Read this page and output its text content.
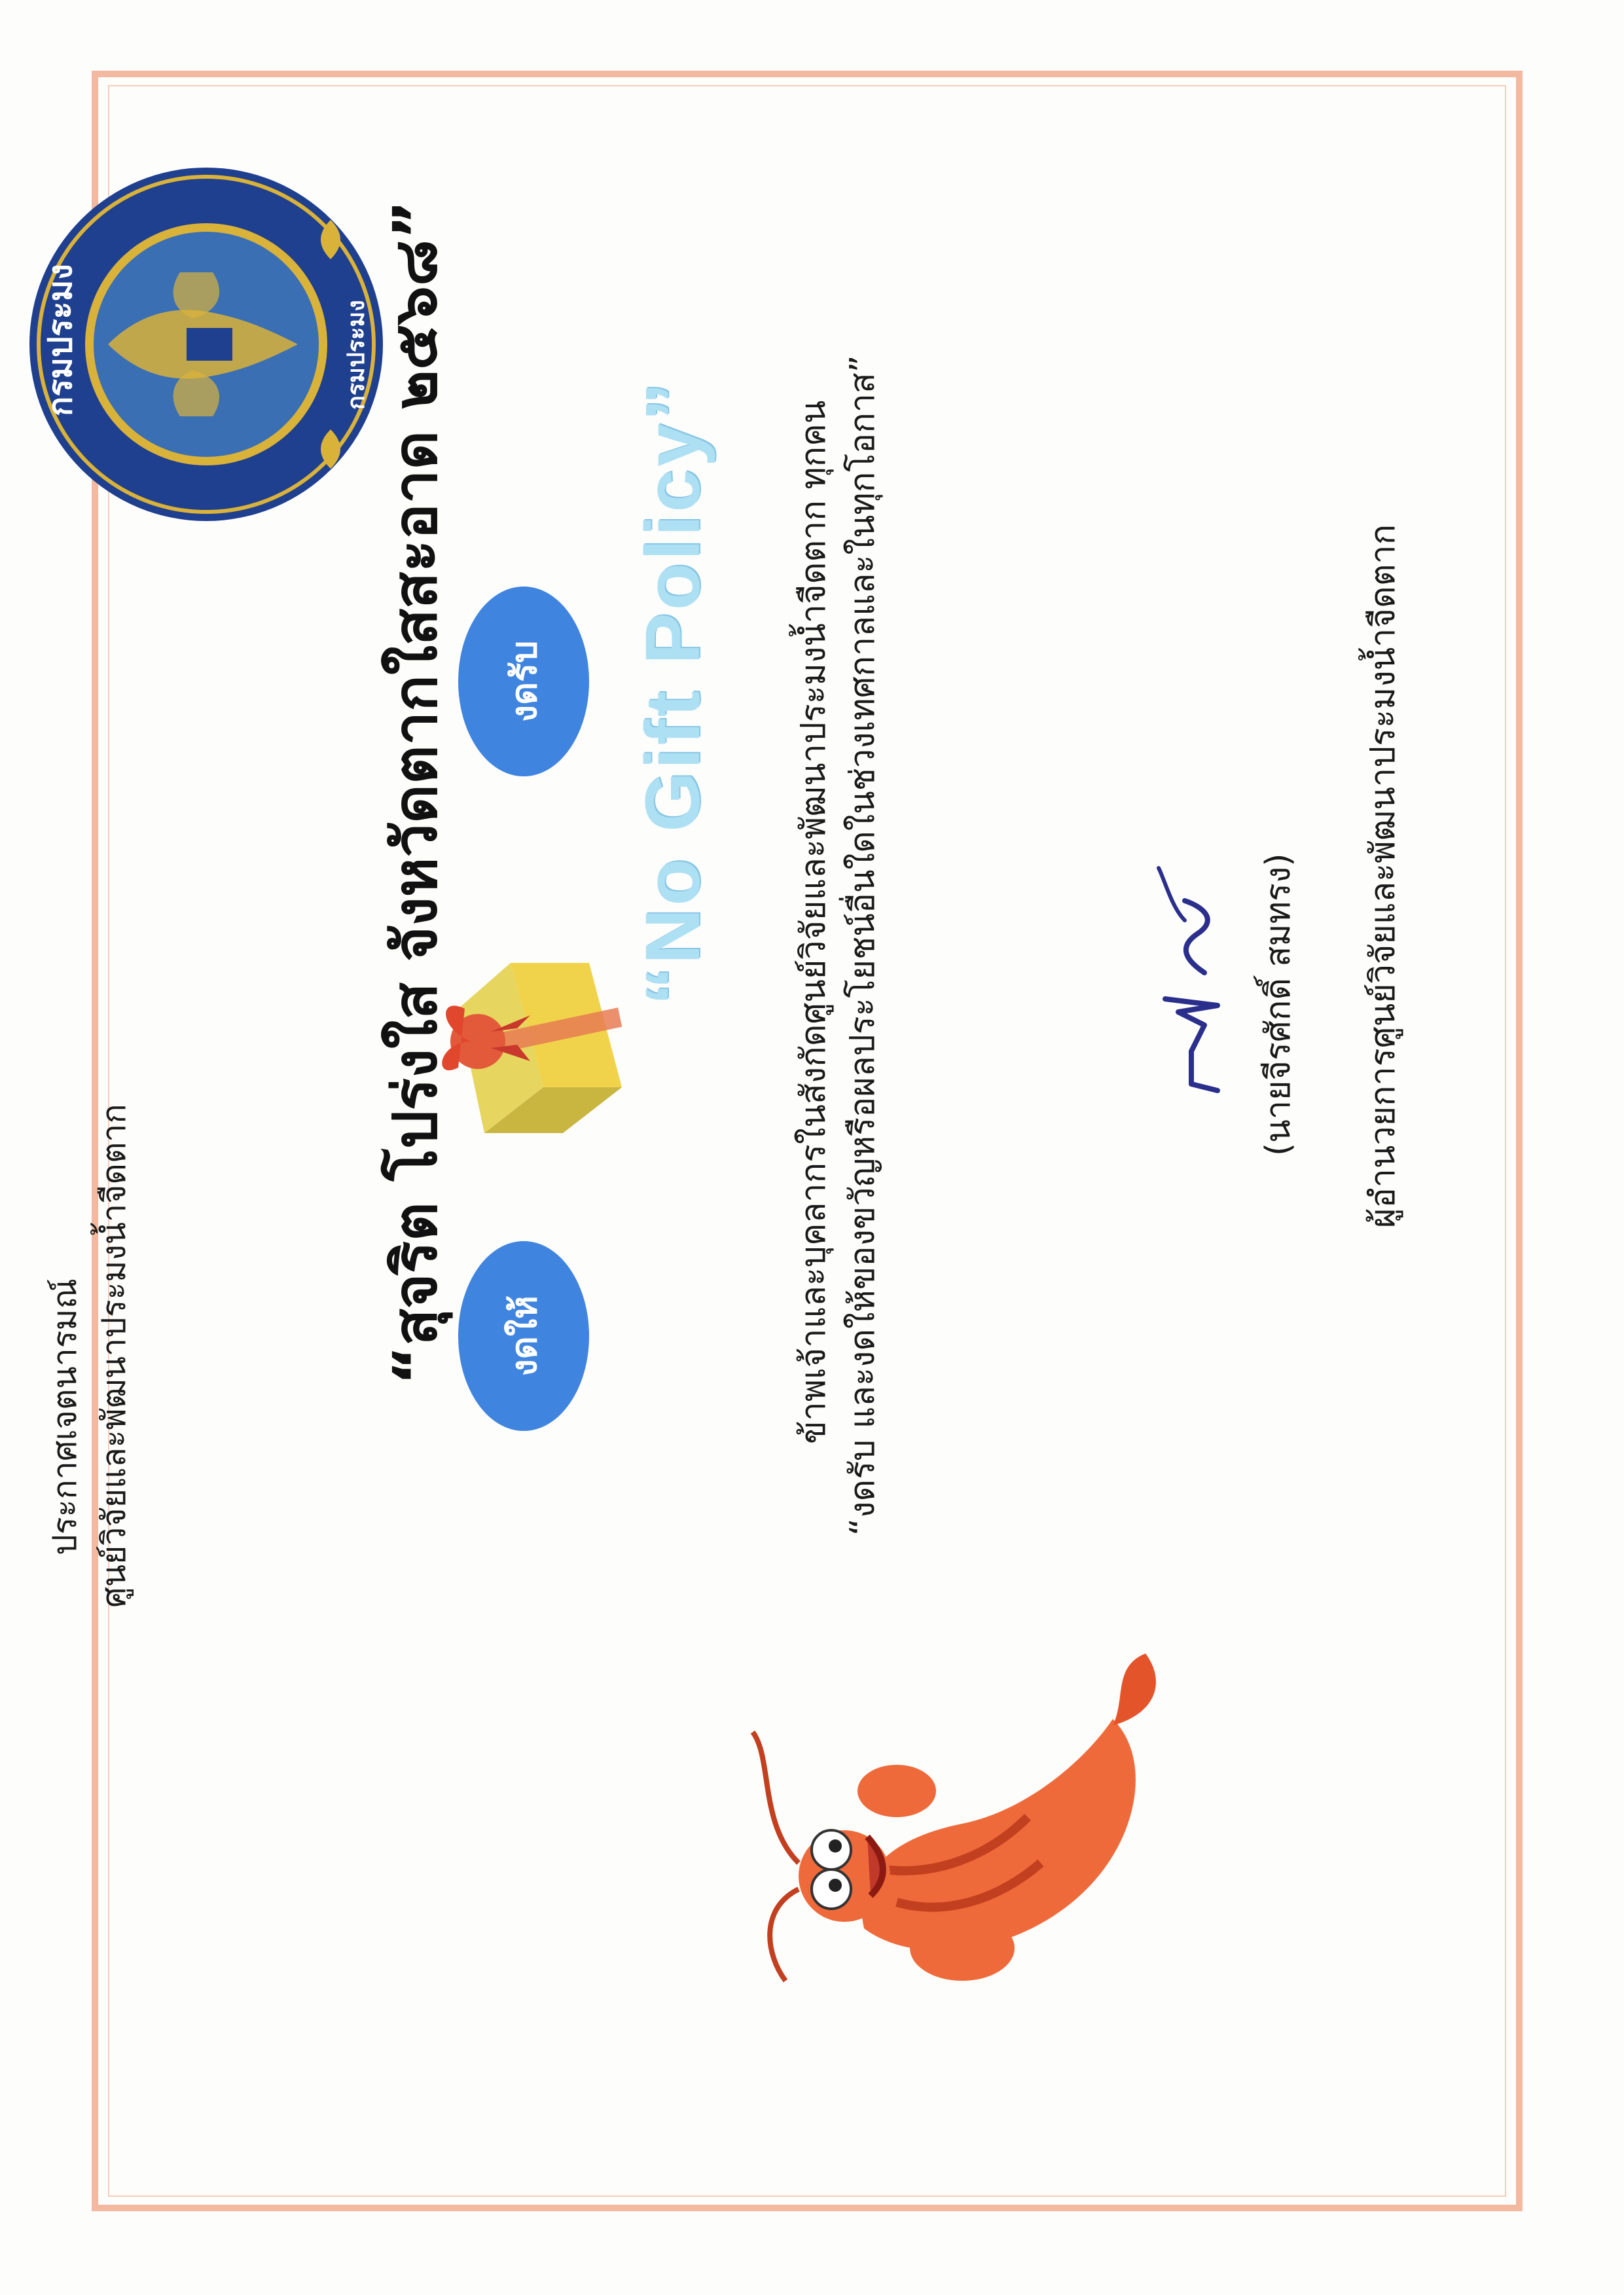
ประกาศเจตนารมณ์ ศูนย์วิจัยและพัฒนาประมงน้ำจืดตาก
กรมประมง	กรมประมง “สุจริต โปร่งใส จังหวัดตากใสสะอาด ๒๕๖๘”	งดให้
งดรับ	“No Gift Policy” ข้าพเจ้าและบุคลากรในสังกัดศูนย์วิจัยและพัฒนาประมงน้ำจืดตาก ทุกคน “งดรับ และงดให้ของขวัญหรือผลประโยชน์อื่นใดในช่วงเทศกาลและในทุกโอกาส”	(นายจีรศักดิ์ สมทรง) ผู้อำนวยการศูนย์วิจัยและพัฒนาประมงน้ำจืดตาก
